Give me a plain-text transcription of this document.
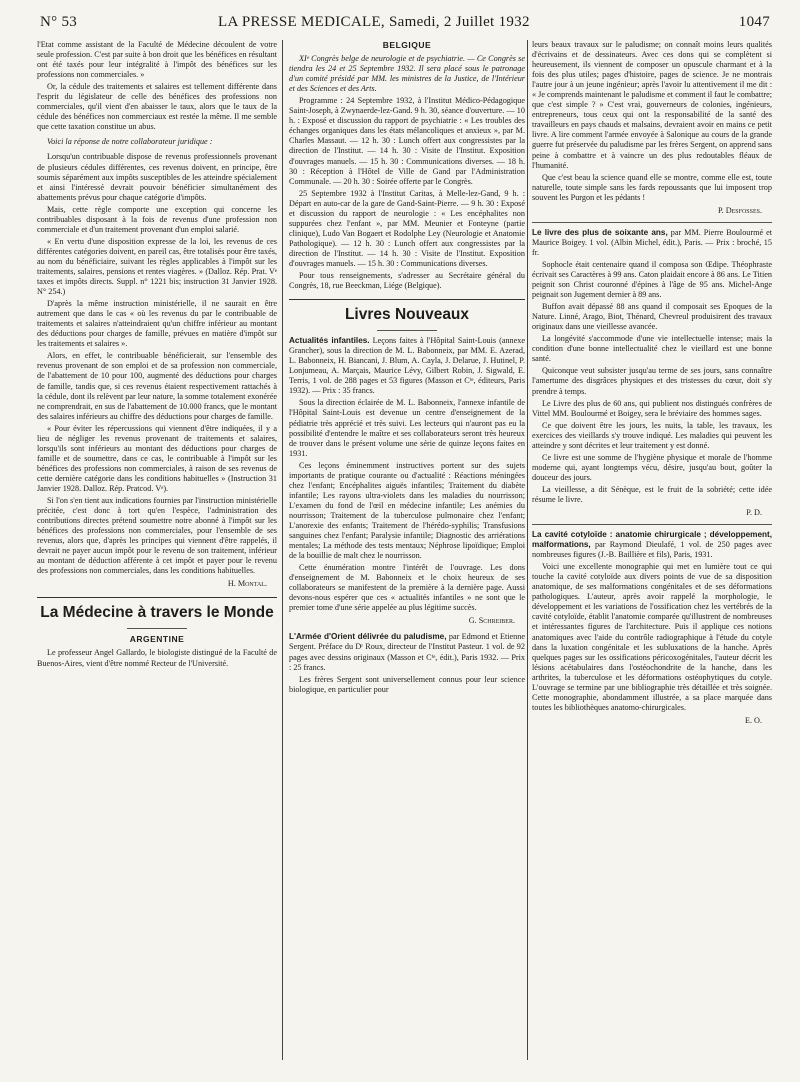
N° 53	LA PRESSE MEDICALE, Samedi, 2 Juillet 1932	1047

l'Etat comme assistant de la Faculté de Médecine découlent de votre seule profession. C'est par suite à bon droit que les bénéfices en résultant ont été taxés pour leur intégralité à l'impôt des bénéfices sur les professions non commerciales. »

Or, la cédule des traitements et salaires est tellement différente dans l'esprit du législateur de celle des bénéfices des professions non commerciales, qu'il vient d'en abaisser le taux, alors que le taux de la cédule des bénéfices non commerciaux est restée la même. Il me semble que cette taxation constitue un abus.

Voici la réponse de notre collaborateur juridique :

Lorsqu'un contribuable dispose de revenus professionnels provenant de plusieurs cédules différentes, ces revenus doivent, en principe, être soumis séparément aux impôts susceptibles de les atteindre spécialement et ainsi l'intéressé devrait pouvoir bénéficier simultanément des abattements prévus pour chaque catégorie d'impôts.

Mais, cette règle comporte une exception qui concerne les contribuables disposant à la fois de revenus d'une profession non commerciale et d'un traitement provenant d'un emploi salarié.

« En vertu d'une disposition expresse de la loi, les revenus de ces différentes catégories doivent, en pareil cas, être totalisés pour être taxés, au nom du bénéficiaire, suivant les règles applicables à l'impôt sur les traitements, salaires, pensions et rentes viagères. » (Dalloz. Rép. Prat. Vᵉ taxes et impôts directs. Suppl. n° 1221 bis; instruction 31 Janvier 1928. N° 254.)

D'après la même instruction ministérielle, il ne saurait en être autrement que dans le cas « où les revenus du par le contribuable de traitements et salaires n'atteindraient qu'un chiffre inférieur au montant des déductions pour charges de famille, prévues en matière d'impôt sur les traitements et salaires ».

Alors, en effet, le contribuable bénéficierait, sur l'ensemble des revenus provenant de son emploi et de sa profession non commerciale, de l'abattement de 10 pour 100, augmenté des déductions pour charges de famille, tandis que, si ces revenus étaient respectivement rattachés à la cédule, dont ils relèvent par leur nature, la somme totalement exonérée ne comprendrait, en sus de l'abattement de 10.000 francs, que le montant des salaires inférieurs au chiffre des déductions pour charges de famille.

« Pour éviter les répercussions qui viennent d'être indiquées, il y a lieu de négliger les revenus provenant de traitements et salaires, lorsqu'ils sont inférieurs au montant des déductions pour charges de famille et de soumettre, dans ce cas, le contribuable à l'impôt sur les bénéfices des professions non commerciales, à raison de ses revenus de cette dernière catégorie dans les conditions habituelles » (Instruction 31 Janvier 1928. Dalloz. Rép. Pratcod. Vᵉ).

Si l'on s'en tient aux indications fournies par l'instruction ministérielle précitée, c'est donc à tort qu'en l'espèce, l'administration des contributions directes prétend soumettre notre abonné à l'impôt sur les bénéfices des professions non commerciales, pour l'ensemble de ses revenus, alors que, d'après les principes qui viennent d'être rappelés, il devrait ne payer aucun impôt pour le revenu de son traitement, inférieur au montant de déduction afférente à cet impôt et payer pour le revenu des professions non commerciales, dans les conditions habituelles.

H. Montal.

La Médecine à travers le Monde
ARGENTINE

Le professeur Angel Gallardo, le biologiste distingué de la Faculté de Buenos-Aires, vient d'être nommé Recteur de l'Université.

BELGIQUE

XIᵉ Congrès belge de neurologie et de psychiatrie. — Ce Congrès se tiendra les 24 et 25 Septembre 1932. Il sera placé sous le patronage d'un comité présidé par MM. les ministres de la Justice, de l'Intérieur et des Sciences et des Arts.

Programme : 24 Septembre 1932, à l'Institut Médico-Pédagogique Saint-Joseph, à Zwynaerde-lez-Gand. 9 h. 30, séance d'ouverture. — 10 h. : Exposé et discussion du rapport de psychiatrie : « Les troubles des échanges organiques dans les états mélancoliques et anxieux », par M. Charles Massaut. — 12 h. 30 : Lunch offert aux congressistes par la direction de l'Institut. — 14 h. 30 : Visite de l'Institut. Exposition d'ouvrages manuels. — 15 h. 30 : Communications diverses. — 18 h. 30 : Réception à l'Hôtel de Ville de Gand par l'Administration Communale. — 20 h. 30 : Soirée offerte par le Congrès.

25 Septembre 1932 à l'Institut Caritas, à Melle-lez-Gand, 9 h. : Départ en auto-car de la gare de Gand-Saint-Pierre. — 9 h. 30 : Exposé et discussion du rapport de neurologie : « Les encéphalites non suppurées chez l'enfant », par MM. Meunier et Fonteyne (partie clinique), Ludo Van Bogaert et Rodolphe Ley (Neurologie et Anatomie Pathologique). — 12 h. 30 : Lunch offert aux congressistes par la direction de l'Institut. — 14 h. 30 : Visite de l'Institut. Exposition d'ouvrages manuels. — 15 h. 30 : Communications diverses.

Pour tous renseignements, s'adresser au Secrétaire général du Congrès, 18, rue Beeckman, Liége (Belgique).

Livres Nouveaux

Actualités infantiles. Leçons faites à l'Hôpital Saint-Louis (annexe Grancher), sous la direction de M. L. Babonneix, par MM. E. Azerad, L. Babonneix, H. Biancani, J. Blum, A. Cayla, J. Delarue, J. Hutinel, P. Lonjumeau, A. Marçais, Maurice Lévy, Gilbert Robin, J. Sigwald, E. Terris, 1 vol. de 288 pages et 53 figures (Masson et Cⁱᵉ, éditeurs, Paris 1932). — Prix : 35 francs.

Sous la direction éclairée de M. L. Babonneix, l'annexe infantile de l'Hôpital Saint-Louis est devenue un centre d'enseignement de la pédiatrie très apprécié et très suivi. Les lecteurs qui n'auront pas eu la possibilité d'entendre le maître et ses collaborateurs seront très heureux de trouver dans le présent volume une série de quinze leçons faites en 1931.

Ces leçons éminemment instructives portent sur des sujets importants de pratique courante ou d'actualité : Réactions méningées chez l'enfant; Encéphalites aiguës infantiles; Traitement du diabète infantile; Les rayons ultra-violets dans les maladies du nourrisson; L'examen du fond de l'œil en médecine infantile; Les anémies du nourrisson; Traitement de la tuberculose pulmonaire chez l'enfant; L'anorexie des enfants; Traitement de l'hérédo-syphilis; Transfusions sanguines chez l'enfant; Paralysie infantile; Diagnostic des arriérations mentales; La méthode des tests mentaux; Néphrose lipoïdique; Emploi de la bouillie de malt chez le nourrisson.

Cette énumération montre l'intérêt de l'ouvrage. Les dons d'enseignement de M. Babonneix et le choix heureux de ses collaborateurs se manifestent de la première à la dernière page. Aussi devons-nous espérer que ces « actualités infantiles » ne sont que le premier tome d'une série appelée au plus légitime succès.

G. Schreiber.

L'Armée d'Orient délivrée du paludisme, par Edmond et Etienne Sergent. Préface du Dʳ Roux, directeur de l'Institut Pasteur. 1 vol. de 92 pages avec dessins originaux (Masson et Cⁱᵉ, édit.), Paris 1932. — Prix : 25 francs.

Les frères Sergent sont universellement connus pour leur science biologique, en particulier pour

leurs beaux travaux sur le paludisme; on connaît moins leurs qualités d'écrivains et de dessinateurs. Avec ces dons qui se complètent si heureusement, ils viennent de composer un opuscule charmant et à la fois des plus utiles; pages d'histoire, pages de science. Je ne montrais l'autre jour à un jeune ingénieur; après l'avoir lu attentivement il me dit : « Je comprends maintenant le paludisme et comment il faut le combattre; que c'est simple ? » C'est vrai, gouverneurs de colonies, ingénieurs, entrepreneurs, tous ceux qui ont la responsabilité de la santé des travailleurs en pays chauds et malsains, devraient avoir en mains ce petit livre. A lire comment l'armée envoyée à Salonique au cours de la grande guerre fut préservée du paludisme par les frères Sergent, on apprend sans peine à combattre et à vaincre un des plus redoutables fléaux de l'humanité.

Que c'est beau la science quand elle se montre, comme elle est, toute naturelle, toute simple sans les fards repoussants que lui imposent trop souvent les Purgon et les pédants !

P. Desfosses.

Le livre des plus de soixante ans, par MM. Pierre Boulourmé et Maurice Boigey. 1 vol. (Albin Michel, édit.), Paris. — Prix : broché, 15 fr.

Sophocle était centenaire quand il composa son Œdipe. Théophraste écrivait ses Caractères à 99 ans. Caton plaidait encore à 86 ans. Le Titien peignit son Christ couronné d'épines à l'âge de 95 ans. Michel-Ange peignait son Jugement dernier à 89 ans.

Buffon avait dépassé 88 ans quand il composait ses Epoques de la Nature. Linné, Arago, Biot, Thénard, Chevreul produisirent des travaux originaux dans une vieillesse avancée.

La longévité s'accommode d'une vie intellectuelle intense; mais la condition d'une bonne intellectualité chez le vieillard est une bonne santé.

Quiconque veut subsister jusqu'au terme de ses jours, sans connaître l'amertume des disgrâces physiques et des tristesses du cœur, doit s'y prendre à temps.

Le Livre des plus de 60 ans, qui publient nos distingués confrères de Vittel MM. Boulourmé et Boigey, sera le bréviaire des hommes sages.

Ce que doivent être les jours, les nuits, la table, les travaux, les exercices des vieillards s'y trouve indiqué. Les maladies qui peuvent les atteindre y sont décrites et leur traitement y est donné.

Ce livre est une somme de l'hygiène physique et morale de l'homme moderne qui, ayant longtemps vécu, désire, jusqu'au bout, goûter la douceur des jours.

La vieillesse, a dit Sénèque, est le fruit de la sobriété; cette idée résume le livre.

P. D.

La cavité cotyloïde : anatomie chirurgicale ; développement, malformations, par Raymond Dieulafé, 1 vol. de 250 pages avec nombreuses figures (J.-B. Baillière et fils), Paris, 1931.

Voici une excellente monographie qui met en lumière tout ce qui touche la cavité cotyloïde aux divers points de vue de sa disposition anatomique, de ses malformations congénitales et de ses déformations pathologiques. L'auteur, après avoir rappelé la morphologie, le développement et les variations de l'ossification chez les vertébrés de la cavité cotyloïde, établit l'anatomie comparée qu'illustrent de nombreuses et intéressantes figures de l'architecture. Puis il applique ces notions anatomiques avec l'aide du contrôle radiographique à l'étude du cotyle dans la luxation congénitale et les subluxations de la hanche. Après quelques pages sur les ossifications péricoxogénitales, l'auteur décrit les lésions acétabulaires dans l'ostéochondrite de la hanche, dans les arthrites, la tuberculose et les déformations ostéophytiques du cotyle. L'ouvrage se termine par une bibliographie très détaillée et très soignée. Cette monographie, abondamment illustrée, a sa place marquée dans toutes les bibliothèques anatomo-chirurgicales.

E. O.
